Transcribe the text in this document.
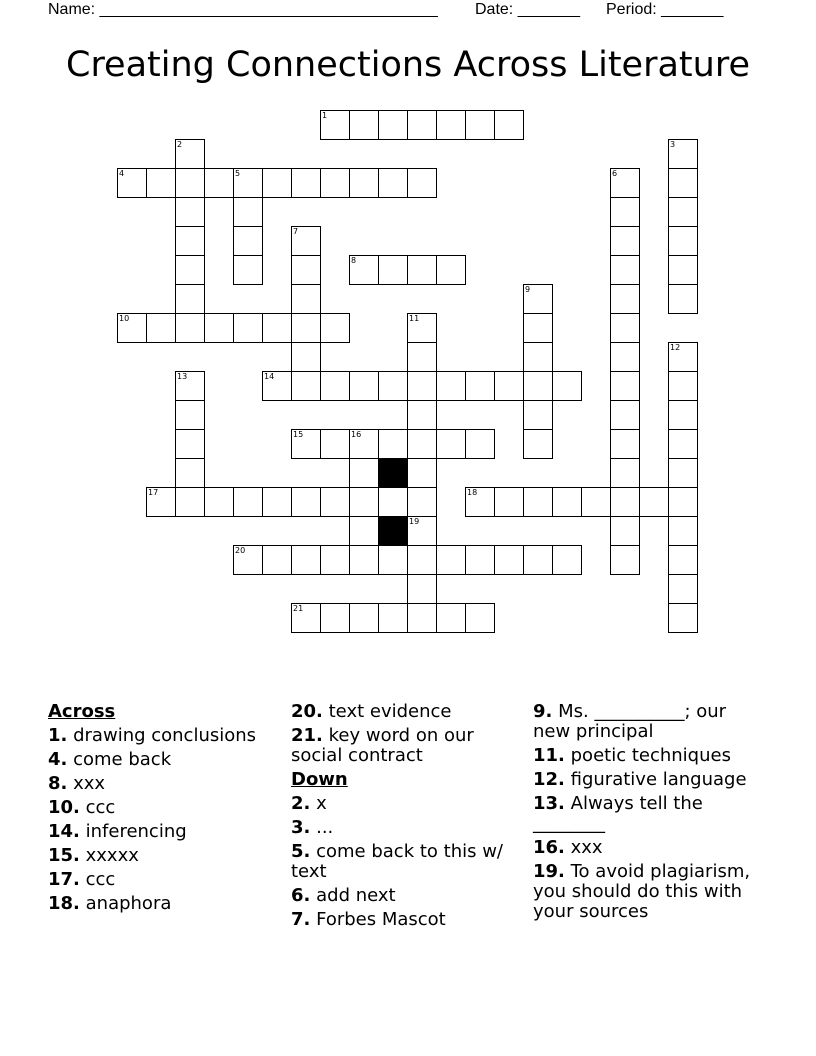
Name: ______________________________________ Date: _______ Period: _______
Creating Connections Across Literature
1
2	3
4	5	6
7
8
9
10	11
12
13	14
15	16
17	18
19
20
21
Across
1. drawing conclusions
4. come back
8. xxx
10. ccc
14. inferencing
15. xxxxx
17. ccc
18. anaphora
20. text evidence
21. key word on our social contract
Down
2. x
3. ...
5. come back to this w/ text
6. add next
7. Forbes Mascot
9. Ms. __________; our new principal
11. poetic techniques
12. figurative language
13. Always tell the ________
16. xxx
19. To avoid plagiarism, you should do this with your sources
